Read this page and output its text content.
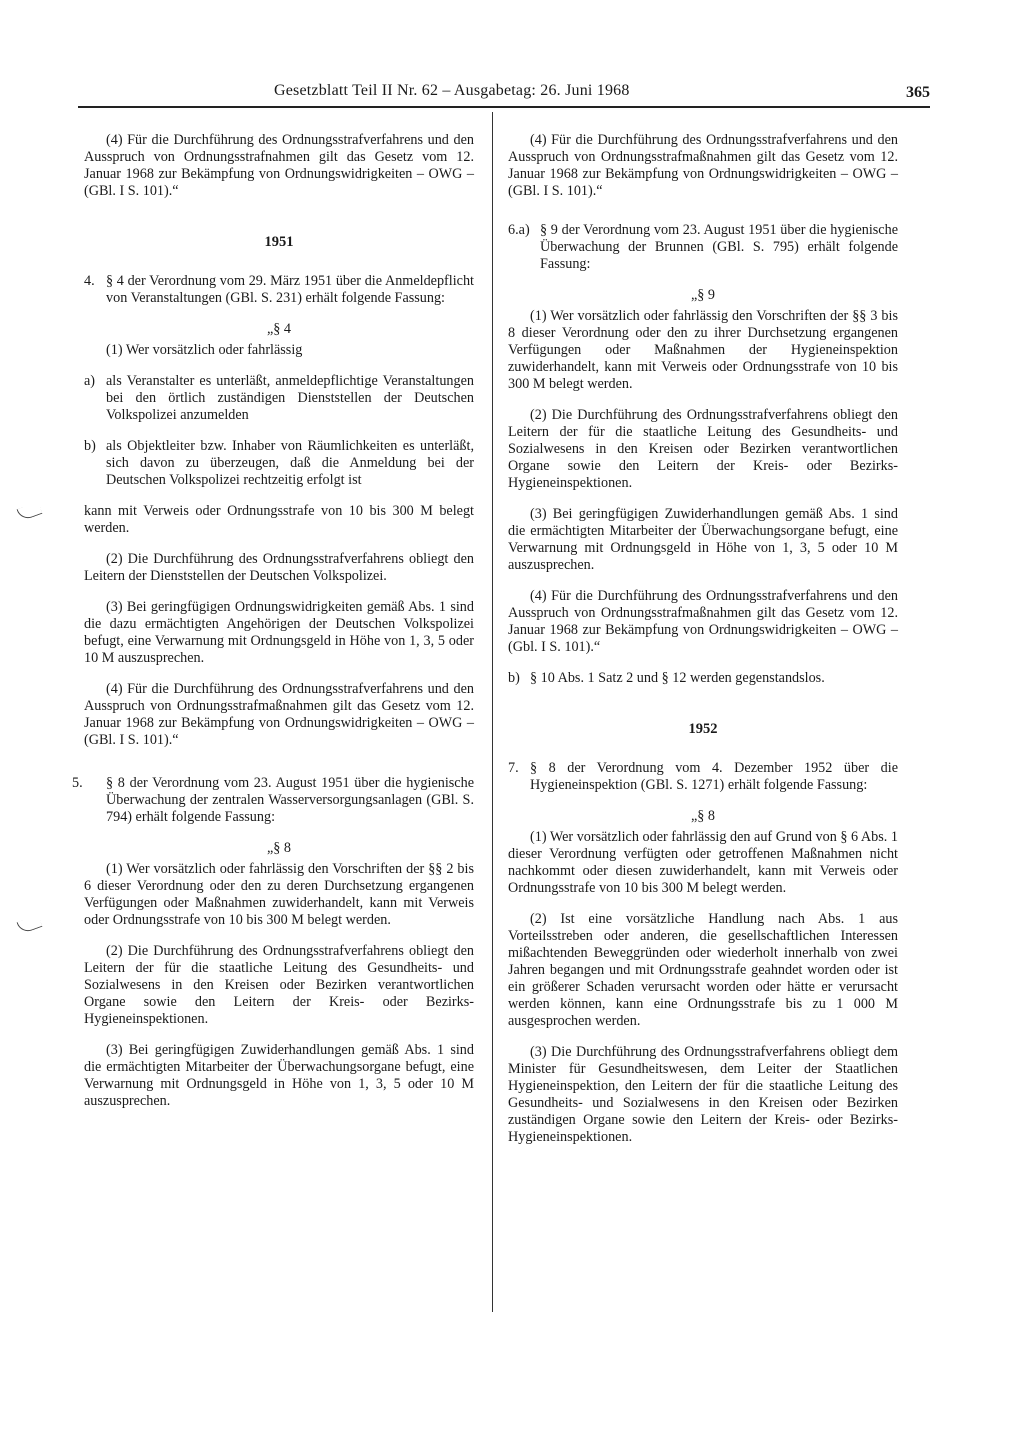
Gesetzblatt Teil II Nr. 62 – Ausgabetag: 26. Juni 1968	365

(4) Für die Durchführung des Ordnungsstrafverfahrens und den Ausspruch von Ordnungsstrafnahmen gilt das Gesetz vom 12. Januar 1968 zur Bekämpfung von Ordnungswidrigkeiten – OWG – (GBl. I S. 101).“

1951
4. § 4 der Verordnung vom 29. März 1951 über die Anmeldepflicht von Veranstaltungen (GBl. S. 231) erhält folgende Fassung:
„§ 4

(1) Wer vorsätzlich oder fahrlässig

a) als Veranstalter es unterläßt, anmeldepflichtige Veranstaltungen bei den örtlich zuständigen Dienststellen der Deutschen Volkspolizei anzumelden
b) als Objektleiter bzw. Inhaber von Räumlichkeiten es unterläßt, sich davon zu überzeugen, daß die Anmeldung bei der Deutschen Volkspolizei rechtzeitig erfolgt ist

kann mit Verweis oder Ordnungsstrafe von 10 bis 300 M belegt werden.

(2) Die Durchführung des Ordnungsstrafverfahrens obliegt den Leitern der Dienststellen der Deutschen Volkspolizei.

(3) Bei geringfügigen Ordnungswidrigkeiten gemäß Abs. 1 sind die dazu ermächtigten Angehörigen der Deutschen Volkspolizei befugt, eine Verwarnung mit Ordnungsgeld in Höhe von 1, 3, 5 oder 10 M auszusprechen.

(4) Für die Durchführung des Ordnungsstrafverfahrens und den Ausspruch von Ordnungsstrafmaßnahmen gilt das Gesetz vom 12. Januar 1968 zur Bekämpfung von Ordnungswidrigkeiten – OWG – (GBl. I S. 101).“

5. § 8 der Verordnung vom 23. August 1951 über die hygienische Überwachung der zentralen Wasserversorgungsanlagen (GBl. S. 794) erhält folgende Fassung:
„§ 8

(1) Wer vorsätzlich oder fahrlässig den Vorschriften der §§ 2 bis 6 dieser Verordnung oder den zu deren Durchsetzung ergangenen Verfügungen oder Maßnahmen zuwiderhandelt, kann mit Verweis oder Ordnungsstrafe von 10 bis 300 M belegt werden.

(2) Die Durchführung des Ordnungsstrafverfahrens obliegt den Leitern der für die staatliche Leitung des Gesundheits- und Sozialwesens in den Kreisen oder Bezirken verantwortlichen Organe sowie den Leitern der Kreis- oder Bezirks-Hygieneinspektionen.

(3) Bei geringfügigen Zuwiderhandlungen gemäß Abs. 1 sind die ermächtigten Mitarbeiter der Überwachungsorgane befugt, eine Verwarnung mit Ordnungsgeld in Höhe von 1, 3, 5 oder 10 M auszusprechen.

(4) Für die Durchführung des Ordnungsstrafverfahrens und den Ausspruch von Ordnungsstrafmaßnahmen gilt das Gesetz vom 12. Januar 1968 zur Bekämpfung von Ordnungswidrigkeiten – OWG – (GBl. I S. 101).“

6.a) § 9 der Verordnung vom 23. August 1951 über die hygienische Überwachung der Brunnen (GBl. S. 795) erhält folgende Fassung:
„§ 9

(1) Wer vorsätzlich oder fahrlässig den Vorschriften der §§ 3 bis 8 dieser Verordnung oder den zu ihrer Durchsetzung ergangenen Verfügungen oder Maßnahmen der Hygieneinspektion zuwiderhandelt, kann mit Verweis oder Ordnungsstrafe von 10 bis 300 M belegt werden.

(2) Die Durchführung des Ordnungsstrafverfahrens obliegt den Leitern der für die staatliche Leitung des Gesundheits- und Sozialwesens in den Kreisen oder Bezirken verantwortlichen Organe sowie den Leitern der Kreis- oder Bezirks-Hygieneinspektionen.

(3) Bei geringfügigen Zuwiderhandlungen gemäß Abs. 1 sind die ermächtigten Mitarbeiter der Überwachungsorgane befugt, eine Verwarnung mit Ordnungsgeld in Höhe von 1, 3, 5 oder 10 M auszusprechen.

(4) Für die Durchführung des Ordnungsstrafverfahrens und den Ausspruch von Ordnungsstrafmaßnahmen gilt das Gesetz vom 12. Januar 1968 zur Bekämpfung von Ordnungswidrigkeiten – OWG – (Gbl. I S. 101).“

b) § 10 Abs. 1 Satz 2 und § 12 werden gegenstandslos.
1952
7. § 8 der Verordnung vom 4. Dezember 1952 über die Hygieneinspektion (GBl. S. 1271) erhält folgende Fassung:
„§ 8

(1) Wer vorsätzlich oder fahrlässig den auf Grund von § 6 Abs. 1 dieser Verordnung verfügten oder getroffenen Maßnahmen nicht nachkommt oder diesen zuwiderhandelt, kann mit Verweis oder Ordnungsstrafe von 10 bis 300 M belegt werden.

(2) Ist eine vorsätzliche Handlung nach Abs. 1 aus Vorteilsstreben oder anderen, die gesellschaftlichen Interessen mißachtenden Beweggründen oder wiederholt innerhalb von zwei Jahren begangen und mit Ordnungsstrafe geahndet worden oder ist ein größerer Schaden verursacht worden oder hätte er verursacht werden können, kann eine Ordnungsstrafe bis zu 1 000 M ausgesprochen werden.

(3) Die Durchführung des Ordnungsstrafverfahrens obliegt dem Minister für Gesundheitswesen, dem Leiter der Staatlichen Hygieneinspektion, den Leitern der für die staatliche Leitung des Gesundheits- und Sozialwesens in den Kreisen oder Bezirken zuständigen Organe sowie den Leitern der Kreis- oder Bezirks-Hygieneinspektionen.
